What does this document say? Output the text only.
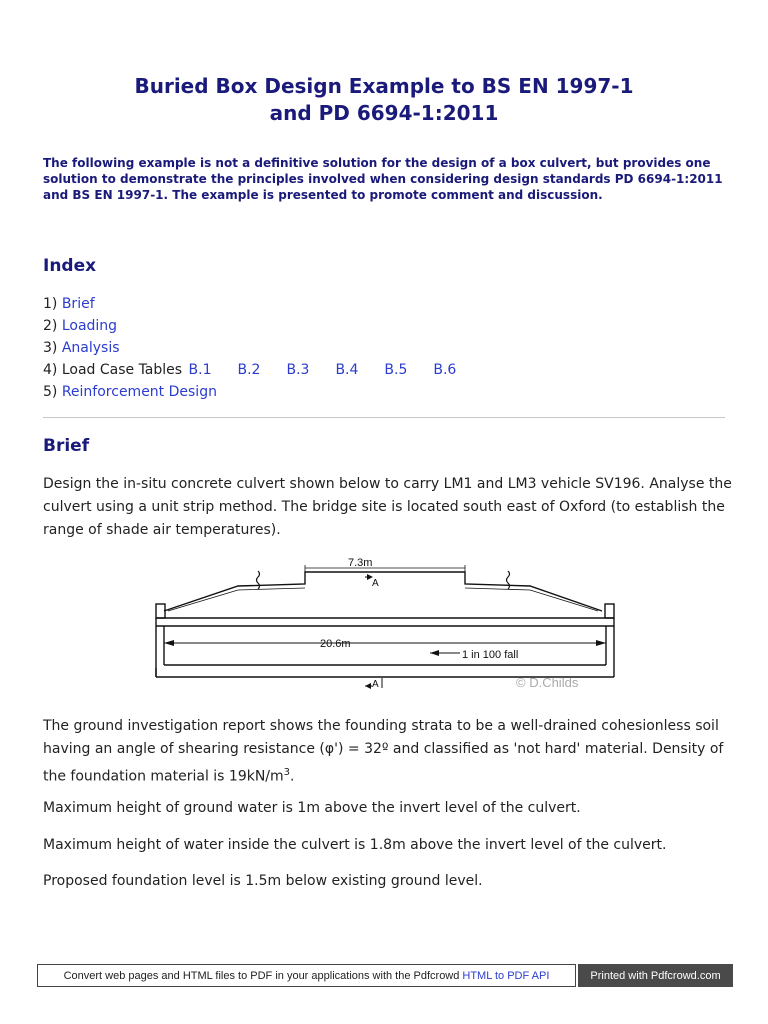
Buried Box Design Example to BS EN 1997-1
and PD 6694-1:2011
The following example is not a definitive solution for the design of a box culvert, but provides one solution to demonstrate the principles involved when considering design standards PD 6694-1:2011 and BS EN 1997-1. The example is presented to promote comment and discussion.
Index
1) Brief
2) Loading
3) Analysis
4) Load Case Tables B.1 B.2 B.3 B.4 B.5 B.6
5) Reinforcement Design
Brief
Design the in-situ concrete culvert shown below to carry LM1 and LM3 vehicle SV196. Analyse the culvert using a unit strip method. The bridge site is located south east of Oxford (to establish the range of shade air temperatures).
7.3m
A
20.6m
1 in 100 fall
A	© D.Childs
The ground investigation report shows the founding strata to be a well-drained cohesionless soil having an angle of shearing resistance (φ') = 32º and classified as 'not hard' material. Density of the foundation material is $19kN/m^3$.
Maximum height of ground water is 1m above the invert level of the culvert.
Maximum height of water inside the culvert is 1.8m above the invert level of the culvert.
Proposed foundation level is 1.5m below existing ground level.
Convert web pages and HTML files to PDF in your applications with the Pdfcrowd HTML to PDF API	Printed with Pdfcrowd.com
